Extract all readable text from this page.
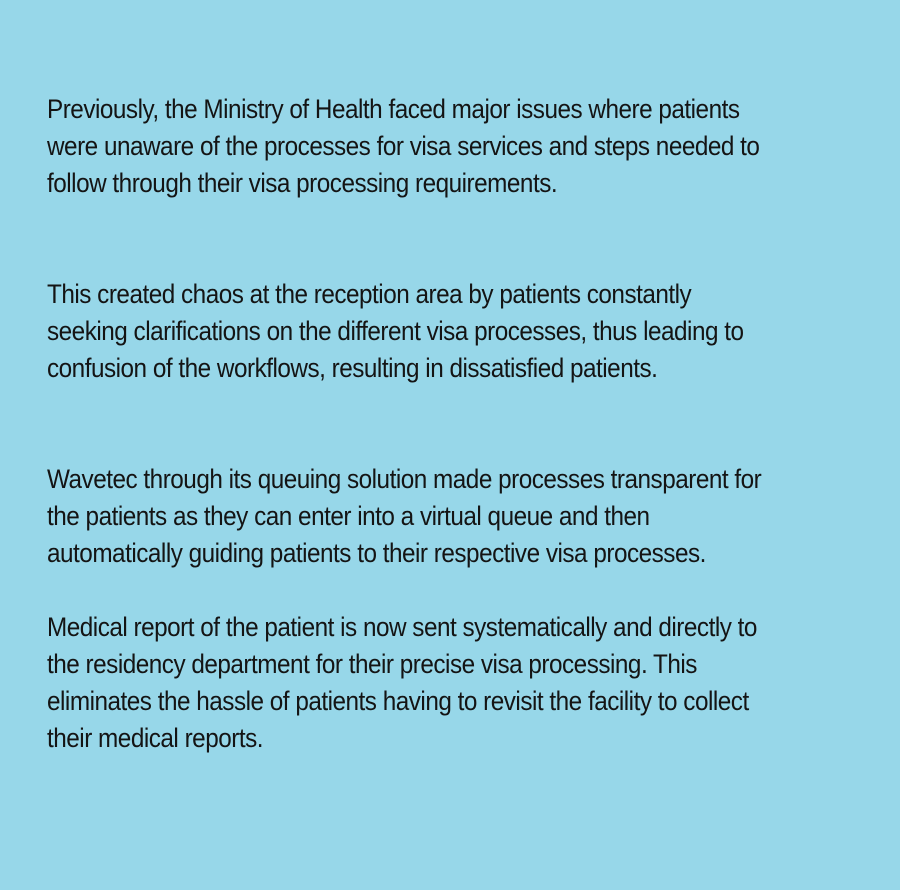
Previously, the Ministry of Health faced major issues where patients
were unaware of the processes for visa services and steps needed to
follow through their visa processing requirements.

This created chaos at the reception area by patients constantly
seeking clarifications on the different visa processes, thus leading to
confusion of the workflows, resulting in dissatisfied patients.

Wavetec through its queuing solution made processes transparent for
the patients as they can enter into a virtual queue and then
automatically guiding patients to their respective visa processes.

Medical report of the patient is now sent systematically and directly to
the residency department for their precise visa processing. This
eliminates the hassle of patients having to revisit the facility to collect
their medical reports.
